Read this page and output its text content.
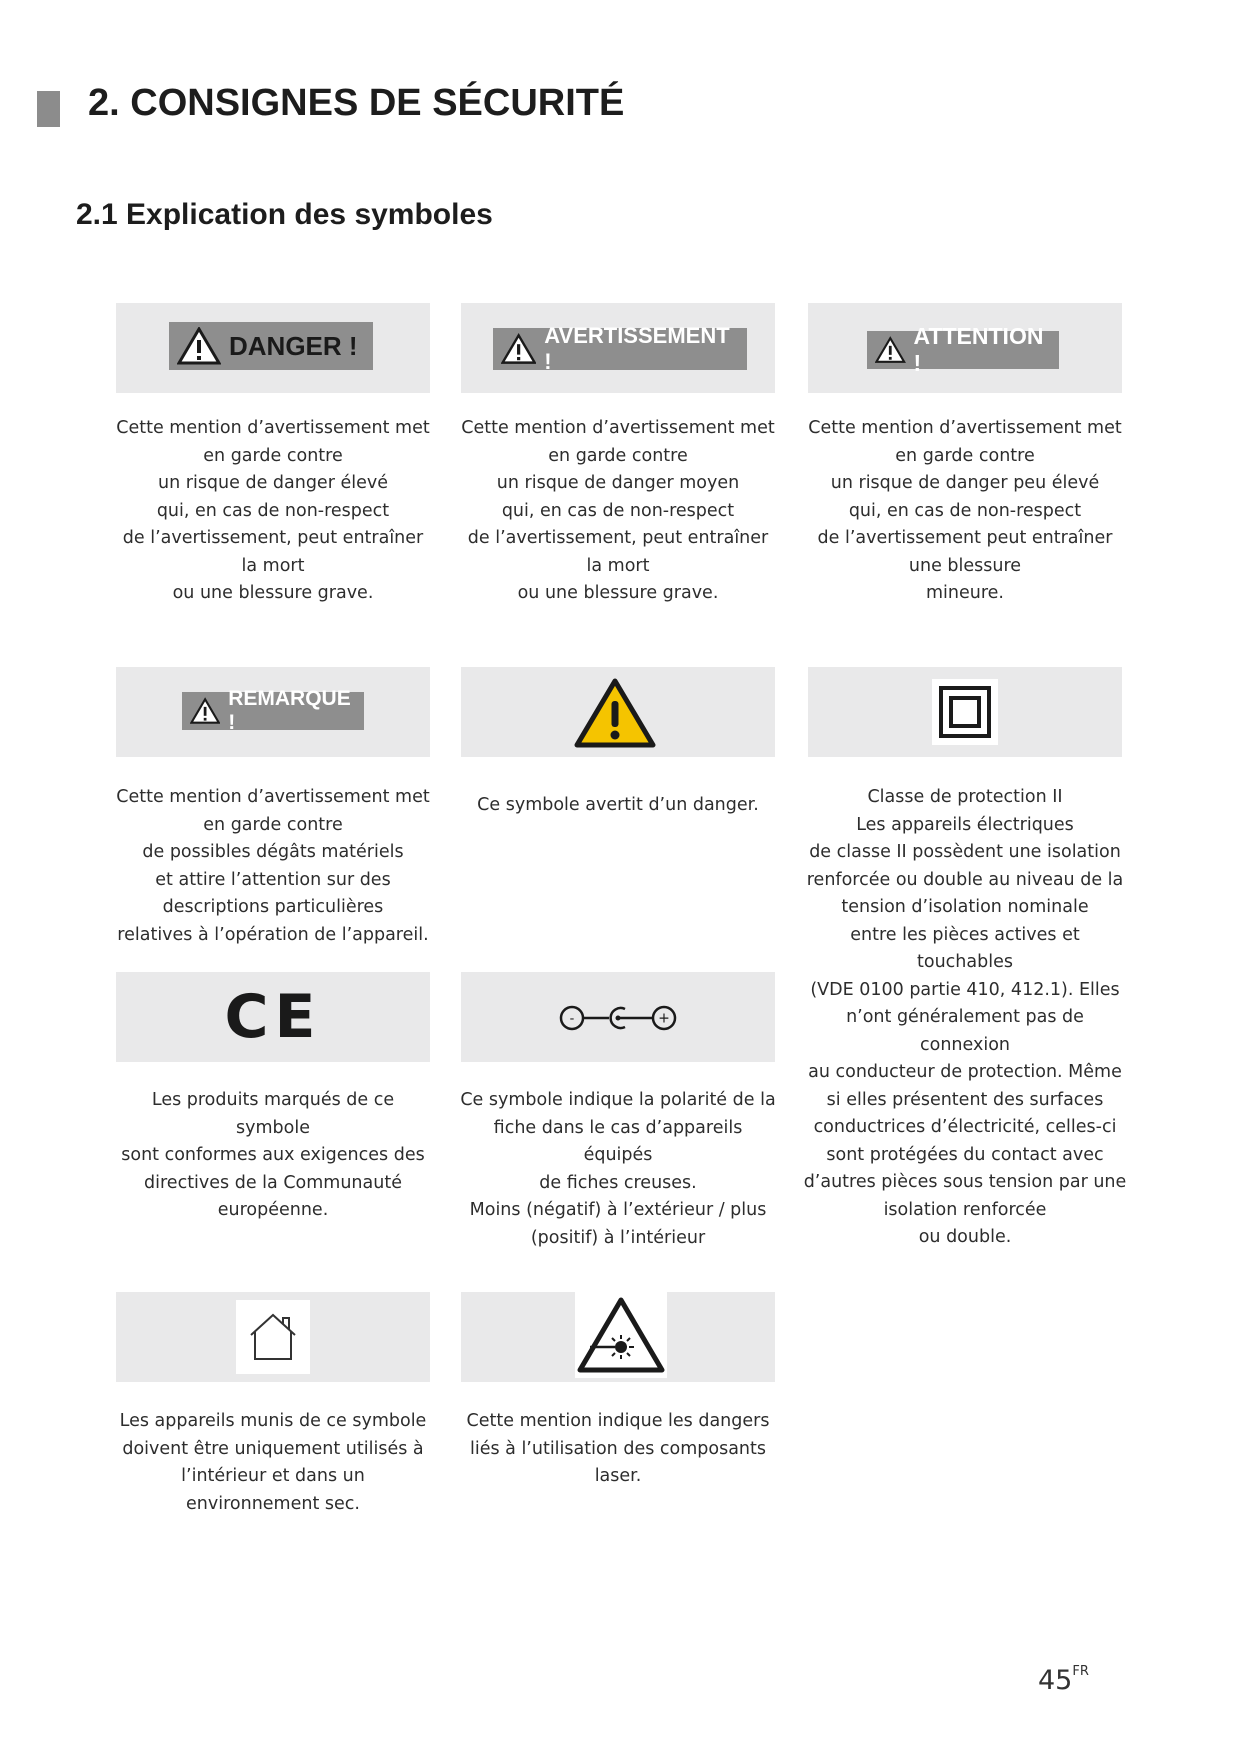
2. CONSIGNES DE SÉCURITÉ
2.1 Explication des symboles
DANGER !	AVERTISSEMENT !
ATTENTION !
Cette mention d’avertissement met
en garde contre
un risque de danger élevé
qui, en cas de non-respect
de l’avertissement, peut entraîner
la mort
ou une blessure grave.
Cette mention d’avertissement met
en garde contre
un risque de danger moyen
qui, en cas de non-respect
de l’avertissement, peut entraîner
la mort
ou une blessure grave.
Cette mention d’avertissement met
en garde contre
un risque de danger peu élevé
qui, en cas de non-respect
de l’avertissement peut entraîner
une blessure
mineure.
REMARQUE !
Cette mention d’avertissement met
en garde contre
de possibles dégâts matériels
et attire l’attention sur des
descriptions particulières
relatives à l’opération de l’appareil.
Ce symbole avertit d’un danger.	Classe de protection II
Les appareils électriques
de classe II possèdent une isolation
renforcée ou double au niveau de la
tension d’isolation nominale
entre les pièces actives et touchables
(VDE 0100 partie 410, 412.1). Elles
n’ont généralement pas de connexion
au conducteur de protection. Même
si elles présentent des surfaces
conductrices d’électricité, celles-ci
sont protégées du contact avec
d’autres pièces sous tension par une
isolation renforcée
ou double.
CE	-	+
Les produits marqués de ce symbole
sont conformes aux exigences des
directives de la Communauté
européenne.
Ce symbole indique la polarité de la
fiche dans le cas d’appareils équipés
de fiches creuses.
Moins (négatif) à l’extérieur / plus
(positif) à l’intérieur
Les appareils munis de ce symbole
doivent être uniquement utilisés à
l’intérieur et dans un
environnement sec.
Cette mention indique les dangers
liés à l’utilisation des composants
laser.
$45^{FR}$
